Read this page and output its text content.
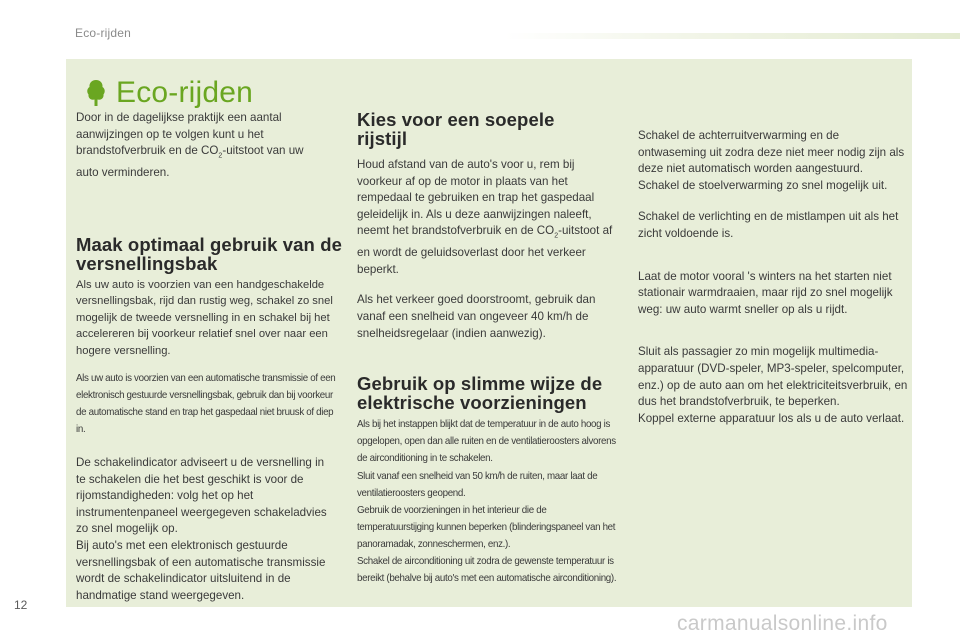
Eco-rijden
Eco-rijden

Door in de dagelijkse praktijk een aantal aanwijzingen op te volgen kunt u het brandstofverbruik en de $CO_2$-uitstoot van uw auto verminderen.

Maak optimaal gebruik van de versnellingsbak

Als uw auto is voorzien van een handgeschakelde versnellingsbak, rijd dan rustig weg, schakel zo snel mogelijk de tweede versnelling in en schakel bij het accelereren bij voorkeur relatief snel over naar een hogere versnelling.

Als uw auto is voorzien van een automatische transmissie of een elektronisch gestuurde versnellingsbak, gebruik dan bij voorkeur de automatische stand en trap het gaspedaal niet bruusk of diep in.

De schakelindicator adviseert u de versnelling in te schakelen die het best geschikt is voor de rijomstandigheden: volg het op het instrumentenpaneel weergegeven schakeladvies zo snel mogelijk op.
Bij auto's met een elektronisch gestuurde versnellingsbak of een automatische transmissie wordt de schakelindicator uitsluitend in de handmatige stand weergegeven.

Kies voor een soepele rijstijl

Houd afstand van de auto's voor u, rem bij voorkeur af op de motor in plaats van het rempedaal te gebruiken en trap het gaspedaal geleidelijk in. Als u deze aanwijzingen naleeft, neemt het brandstofverbruik en de $CO_2$-uitstoot af en wordt de geluidsoverlast door het verkeer beperkt.

Als het verkeer goed doorstroomt, gebruik dan vanaf een snelheid van ongeveer 40 km/h de snelheidsregelaar (indien aanwezig).

Gebruik op slimme wijze de elektrische voorzieningen

Als bij het instappen blijkt dat de temperatuur in de auto hoog is opgelopen, open dan alle ruiten en de ventilatieroosters alvorens de airconditioning in te schakelen.
Sluit vanaf een snelheid van 50 km/h de ruiten, maar laat de ventilatieroosters geopend.
Gebruik de voorzieningen in het interieur die de temperatuurstijging kunnen beperken (blinderingspaneel van het panoramadak, zonneschermen, enz.).
Schakel de airconditioning uit zodra de gewenste temperatuur is bereikt (behalve bij auto's met een automatische airconditioning).

Schakel de achterruitverwarming en de ontwaseming uit zodra deze niet meer nodig zijn als deze niet automatisch worden aangestuurd.
Schakel de stoelverwarming zo snel mogelijk uit.

Schakel de verlichting en de mistlampen uit als het zicht voldoende is.

Laat de motor vooral 's winters na het starten niet stationair warmdraaien, maar rijd zo snel mogelijk weg: uw auto warmt sneller op als u rijdt.

Sluit als passagier zo min mogelijk multimedia-apparatuur (DVD-speler, MP3-speler, spelcomputer, enz.) op de auto aan om het elektriciteitsverbruik, en dus het brandstofverbruik, te beperken.
Koppel externe apparatuur los als u de auto verlaat.

12
carmanualsonline.info
